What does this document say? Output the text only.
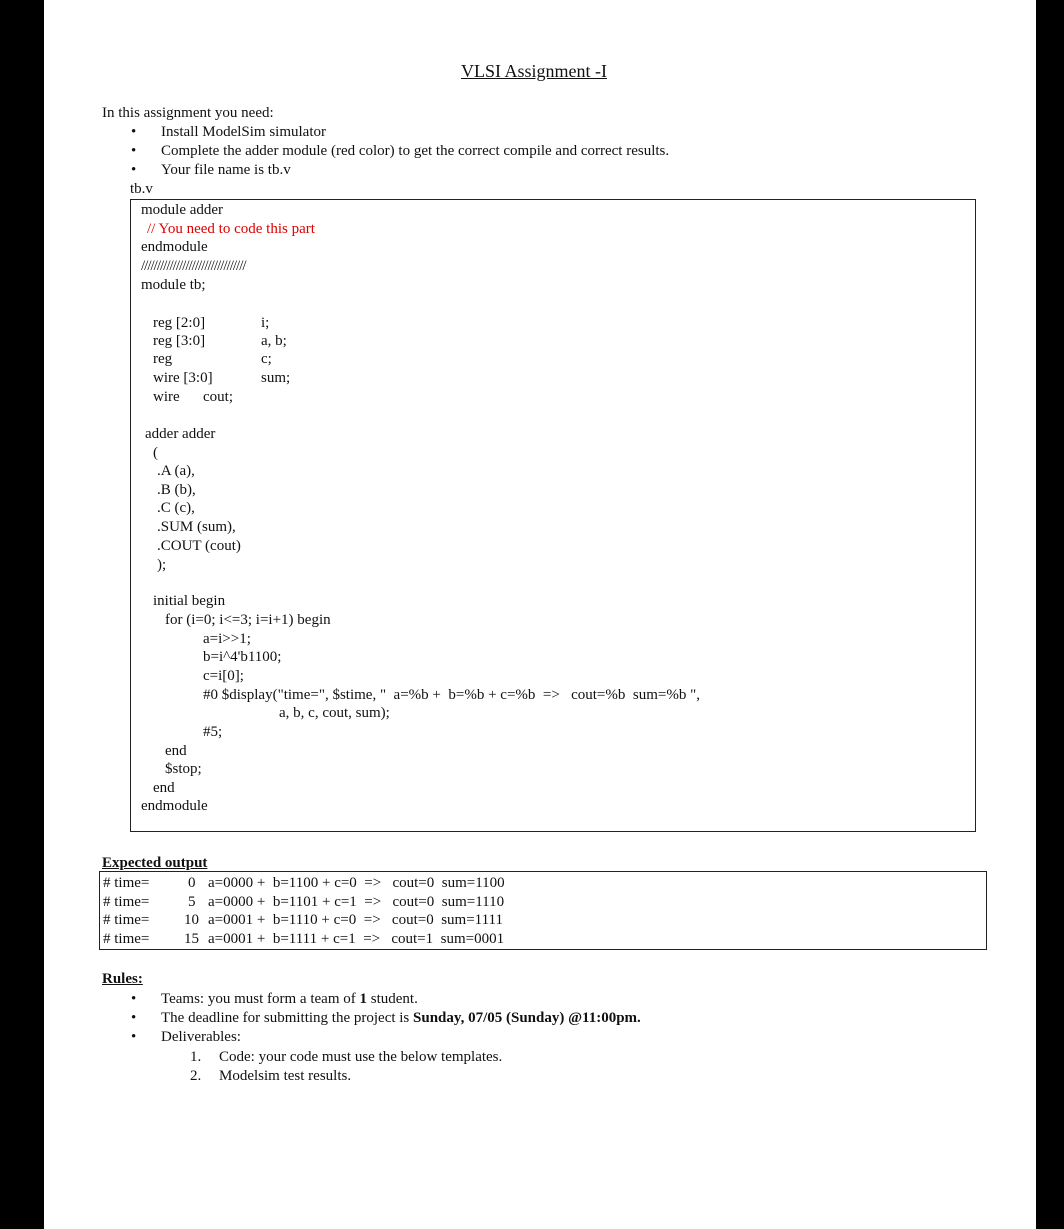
VLSI Assignment -I
In this assignment you need:
• Install ModelSim simulator
• Complete the adder module (red color) to get the correct compile and correct results.
• Your file name is tb.v
tb.v
module adder
// You need to code this part
endmodule
/////////////////////////////////
module tb;
reg [2:0]	i;
reg [3:0]	a, b;
reg	c;
wire [3:0]	sum;
wire cout;
adder adder
(
.A (a),
.B (b),
.C (c),
.SUM (sum),
.COUT (cout)
);
initial begin
for (i=0; i<=3; i=i+1) begin
a=i>>1;
b=i^4'b1100;
c=i[0];
#0 $display("time=", $stime, "  a=%b +  b=%b + c=%b  =>   cout=%b  sum=%b ",
a, b, c, cout, sum);
#5;
end
$stop;
end
endmodule
Expected output
# time=	0 a=0000 +  b=1100 + c=0  =>   cout=0  sum=1100
# time=	5 a=0000 +  b=1101 + c=1  =>   cout=0  sum=1110
# time= 10 a=0001 +  b=1110 + c=0  =>   cout=0  sum=1111
# time= 15 a=0001 +  b=1111 + c=1  =>   cout=1  sum=0001
Rules:
• Teams: you must form a team of 1 student.
• The deadline for submitting the project is Sunday, 07/05 (Sunday) @11:00pm.
• Deliverables:
1. Code: your code must use the below templates.
2. Modelsim test results.
